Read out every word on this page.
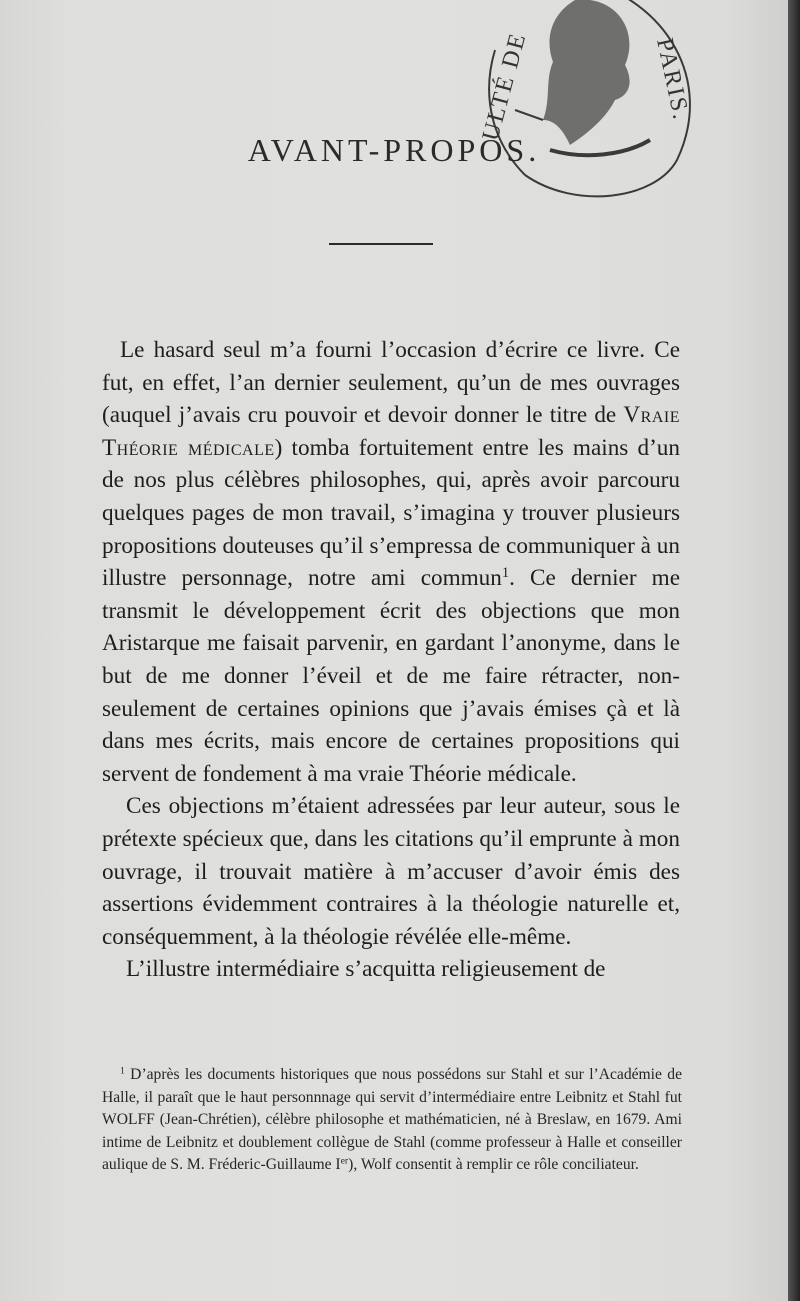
ULTÉ DE	PARIS.
AVANT-PROPOS.

Le hasard seul m’a fourni l’occasion d’écrire ce livre. Ce fut, en effet, l’an dernier seulement, qu’un de mes ouvrages (auquel j’avais cru pouvoir et devoir donner le titre de Vraie Théorie médicale) tomba fortuitement entre les mains d’un de nos plus célèbres philosophes, qui, après avoir parcouru quelques pages de mon travail, s’imagina y trouver plusieurs propositions douteuses qu’il s’empressa de communiquer à un illustre personnage, notre ami commun$^1$. Ce dernier me transmit le développement écrit des objections que mon Aristarque me faisait parvenir, en gardant l’anonyme, dans le but de me donner l’éveil et de me faire rétracter, non-seulement de certaines opinions que j’avais émises çà et là dans mes écrits, mais encore de certaines propositions qui servent de fondement à ma vraie Théorie médicale.

Ces objections m’étaient adressées par leur auteur, sous le prétexte spécieux que, dans les citations qu’il emprunte à mon ouvrage, il trouvait matière à m’accuser d’avoir émis des assertions évidemment contraires à la théologie naturelle et, conséquemment, à la théologie révélée elle-même.

L’illustre intermédiaire s’acquitta religieusement de

$^1$ D’après les documents historiques que nous possédons sur Stahl et sur l’Académie de Halle, il paraît que le haut personnnage qui servit d’intermédiaire entre Leibnitz et Stahl fut WOLFF (Jean-Chrétien), célèbre philosophe et mathématicien, né à Breslaw, en 1679. Ami intime de Leibnitz et doublement collègue de Stahl (comme professeur à Halle et conseiller aulique de S. M. Fréderic-Guillaume Ier), Wolf consentit à remplir ce rôle conciliateur.
